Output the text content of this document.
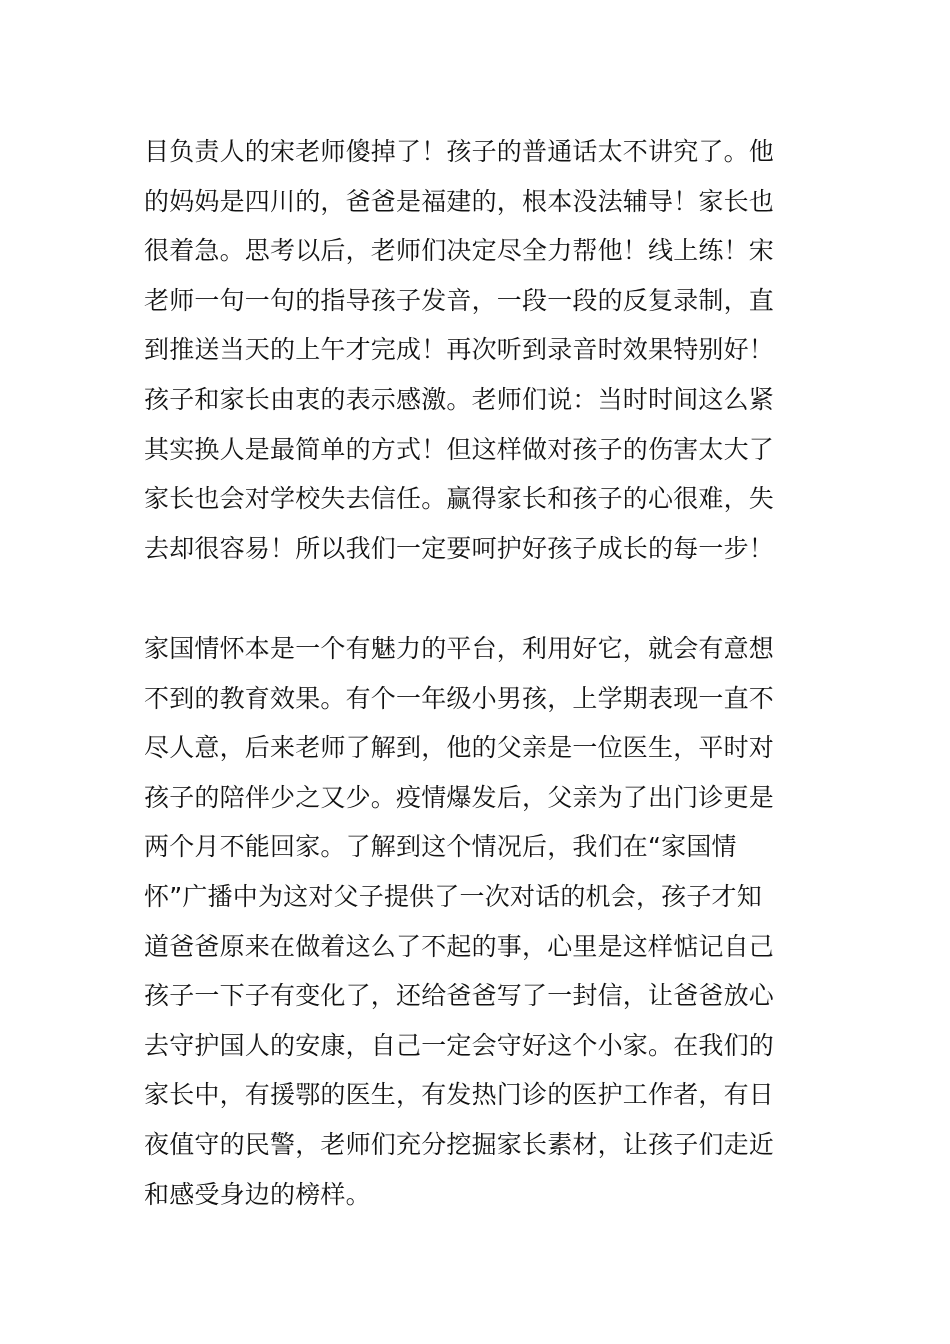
目负责人的宋老师傻掉了！孩子的普通话太不讲究了。他
的妈妈是四川的，爸爸是福建的，根本没法辅导！家长也
很着急。思考以后，老师们决定尽全力帮他！线上练！宋
老师一句一句的指导孩子发音，一段一段的反复录制，直
到推送当天的上午才完成！再次听到录音时效果特别好！
孩子和家长由衷的表示感激。老师们说：当时时间这么紧
其实换人是最简单的方式！但这样做对孩子的伤害太大了
家长也会对学校失去信任。赢得家长和孩子的心很难，失
去却很容易！所以我们一定要呵护好孩子成长的每一步！
家国情怀本是一个有魅力的平台，利用好它，就会有意想
不到的教育效果。有个一年级小男孩，上学期表现一直不
尽人意，后来老师了解到，他的父亲是一位医生，平时对
孩子的陪伴少之又少。疫情爆发后，父亲为了出门诊更是
两个月不能回家。了解到这个情况后，我们在“家国情
怀”广播中为这对父子提供了一次对话的机会，孩子才知
道爸爸原来在做着这么了不起的事，心里是这样惦记自己
孩子一下子有变化了，还给爸爸写了一封信，让爸爸放心
去守护国人的安康，自己一定会守好这个小家。在我们的
家长中，有援鄂的医生，有发热门诊的医护工作者，有日
夜值守的民警，老师们充分挖掘家长素材，让孩子们走近
和感受身边的榜样。
